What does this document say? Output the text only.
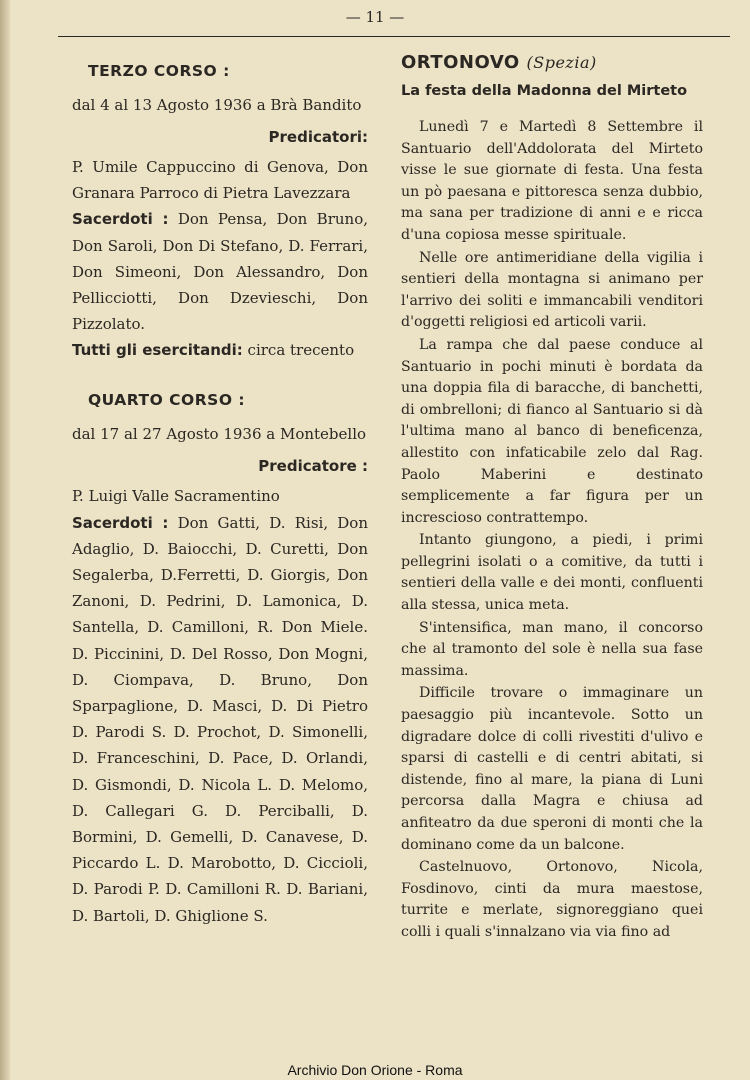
— 11 —
TERZO CORSO :
dal 4 al 13 Agosto 1936 a Brà Bandito
Predicatori:
P. Umile Cappuccino di Genova, Don Granara Parroco di Pietra Lavezzara
Sacerdoti : Don Pensa, Don Bruno, Don Saroli, Don Di Stefano, D. Ferrari, Don Simeoni, Don Alessandro, Don Pellicciotti, Don Dzevieschi, Don Pizzolato.
Tutti gli esercitandi: circa trecento
QUARTO CORSO :
dal 17 al 27 Agosto 1936 a Montebello
Predicatore :
P. Luigi Valle Sacramentino
Sacerdoti : Don Gatti, D. Risi, Don Adaglio, D. Baiocchi, D. Curetti, Don Segalerba, D.Ferretti, D. Giorgis, Don Zanoni, D. Pedrini, D. Lamonica, D. Santella, D. Camilloni, R. Don Miele. D. Piccinini, D. Del Rosso, Don Mogni, D. Ciompava, D. Bruno, Don Sparpaglione, D. Masci, D. Di Pietro D. Parodi S. D. Prochot, D. Simonelli, D. Franceschini, D. Pace, D. Orlandi, D. Gismondi, D. Nicola L. D. Melomo, D. Callegari G. D. Perciballi, D. Bormini, D. Gemelli, D. Canavese, D. Piccardo L. D. Marobotto, D. Ciccioli, D. Parodi P. D. Camilloni R. D. Bariani, D. Bartoli, D. Ghiglione S.
ORTONOVO (Spezia)
La festa della Madonna del Mirteto

Lunedì 7 e Martedì 8 Settembre il Santuario dell'Addolorata del Mirteto visse le sue giornate di festa. Una festa un pò paesana e pittoresca senza dubbio, ma sana per tradizione di anni e e ricca d'una copiosa messe spirituale.

Nelle ore antimeridiane della vigilia i sentieri della montagna si animano per l'arrivo dei soliti e immancabili venditori d'oggetti religiosi ed articoli varii.

La rampa che dal paese conduce al Santuario in pochi minuti è bordata da una doppia fila di baracche, di banchetti, di ombrelloni; di fianco al Santuario si dà l'ultima mano al banco di beneficenza, allestito con infaticabile zelo dal Rag. Paolo Maberini e destinato semplicemente a far figura per un increscioso contrattempo.

Intanto giungono, a piedi, i primi pellegrini isolati o a comitive, da tutti i sentieri della valle e dei monti, confluenti alla stessa, unica meta.

S'intensifica, man mano, il concorso che al tramonto del sole è nella sua fase massima.

Difficile trovare o immaginare un paesaggio più incantevole. Sotto un digradare dolce di colli rivestiti d'ulivo e sparsi di castelli e di centri abitati, si distende, fino al mare, la piana di Luni percorsa dalla Magra e chiusa ad anfiteatro da due speroni di monti che la dominano come da un balcone.

Castelnuovo, Ortonovo, Nicola, Fosdinovo, cinti da mura maestose, turrite e merlate, signoreggiano quei colli i quali s'innalzano via via fino ad

Archivio Don Orione - Roma
